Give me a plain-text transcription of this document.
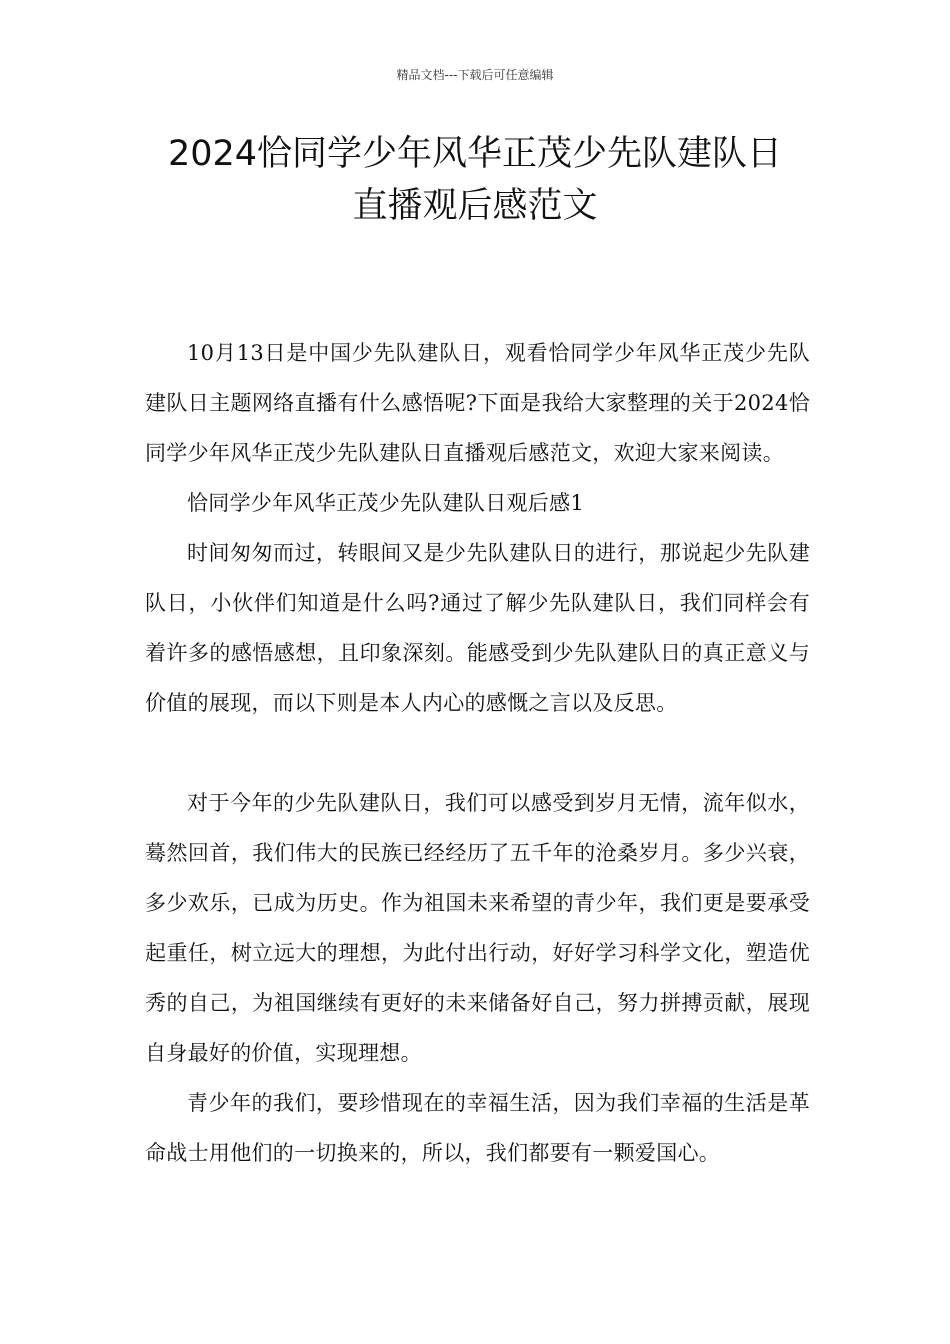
精品文档---下载后可任意编辑
2024恰同学少年风华正茂少先队建队日
直播观后感范文

10月13日是中国少先队建队日，观看恰同学少年风华正茂少先队建队日主题网络直播有什么感悟呢?下面是我给大家整理的关于2024恰同学少年风华正茂少先队建队日直播观后感范文，欢迎大家来阅读。

恰同学少年风华正茂少先队建队日观后感1

时间匆匆而过，转眼间又是少先队建队日的进行，那说起少先队建队日，小伙伴们知道是什么吗?通过了解少先队建队日，我们同样会有着许多的感悟感想，且印象深刻。能感受到少先队建队日的真正意义与价值的展现，而以下则是本人内心的感慨之言以及反思。

对于今年的少先队建队日，我们可以感受到岁月无情，流年似水，蓦然回首，我们伟大的民族已经经历了五千年的沧桑岁月。多少兴衰，多少欢乐，已成为历史。作为祖国未来希望的青少年，我们更是要承受起重任，树立远大的理想，为此付出行动，好好学习科学文化，塑造优秀的自己，为祖国继续有更好的未来储备好自己，努力拼搏贡献，展现自身最好的价值，实现理想。

青少年的我们，要珍惜现在的幸福生活，因为我们幸福的生活是革命战士用他们的一切换来的，所以，我们都要有一颗爱国心。
